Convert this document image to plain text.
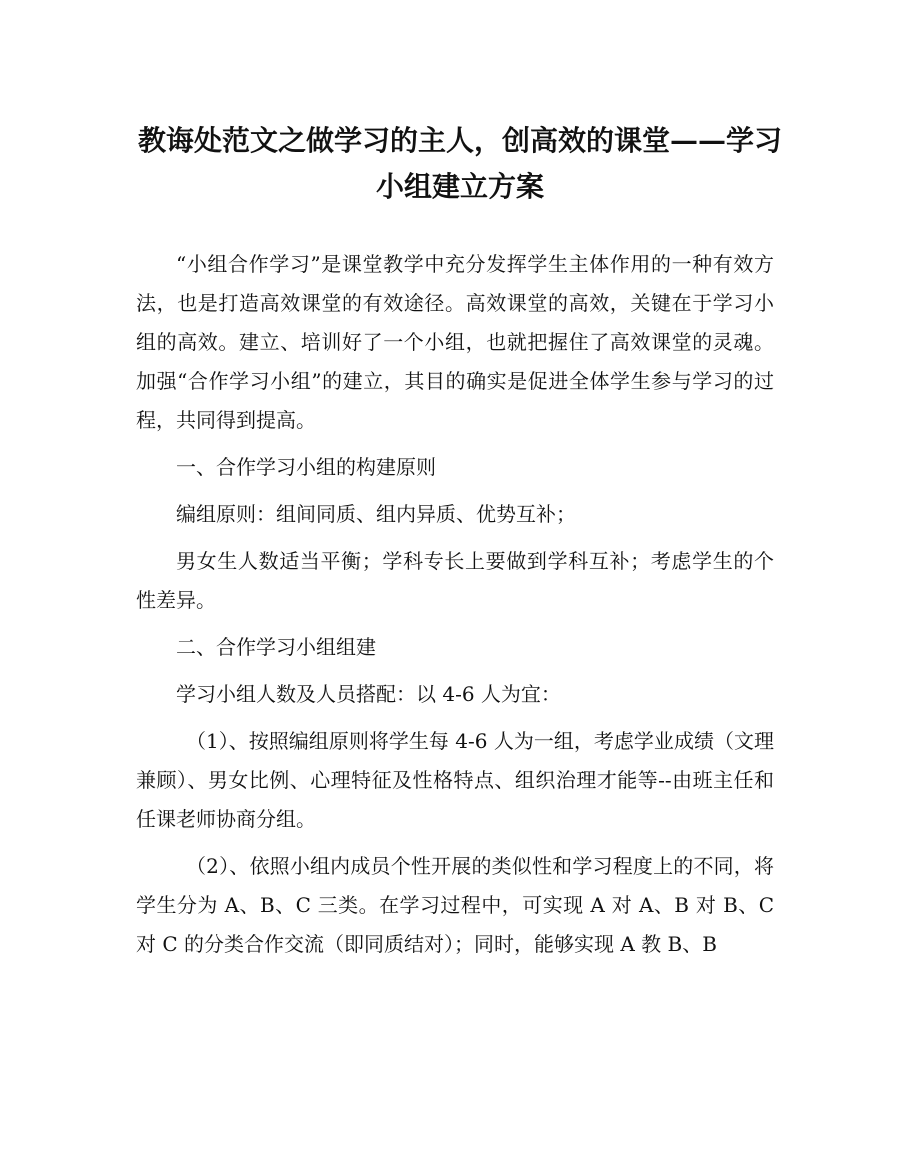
教诲处范文之做学习的主人，创高效的课堂——学习小组建立方案

“小组合作学习”是课堂教学中充分发挥学生主体作用的一种有效方法，也是打造高效课堂的有效途径。高效课堂的高效，关键在于学习小组的高效。建立、培训好了一个小组，也就把握住了高效课堂的灵魂。加强“合作学习小组”的建立，其目的确实是促进全体学生参与学习的过程，共同得到提高。

一、合作学习小组的构建原则

编组原则：组间同质、组内异质、优势互补；

男女生人数适当平衡；学科专长上要做到学科互补；考虑学生的个性差异。

二、合作学习小组组建

学习小组人数及人员搭配：以 4-6 人为宜：

（1）、按照编组原则将学生每 4-6 人为一组，考虑学业成绩（文理兼顾）、男女比例、心理特征及性格特点、组织治理才能等--由班主任和任课老师协商分组。

（2）、依照小组内成员个性开展的类似性和学习程度上的不同，将学生分为 A、B、C 三类。在学习过程中，可实现 A 对 A、B 对 B、C 对 C 的分类合作交流（即同质结对）；同时，能够实现 A 教 B、B
